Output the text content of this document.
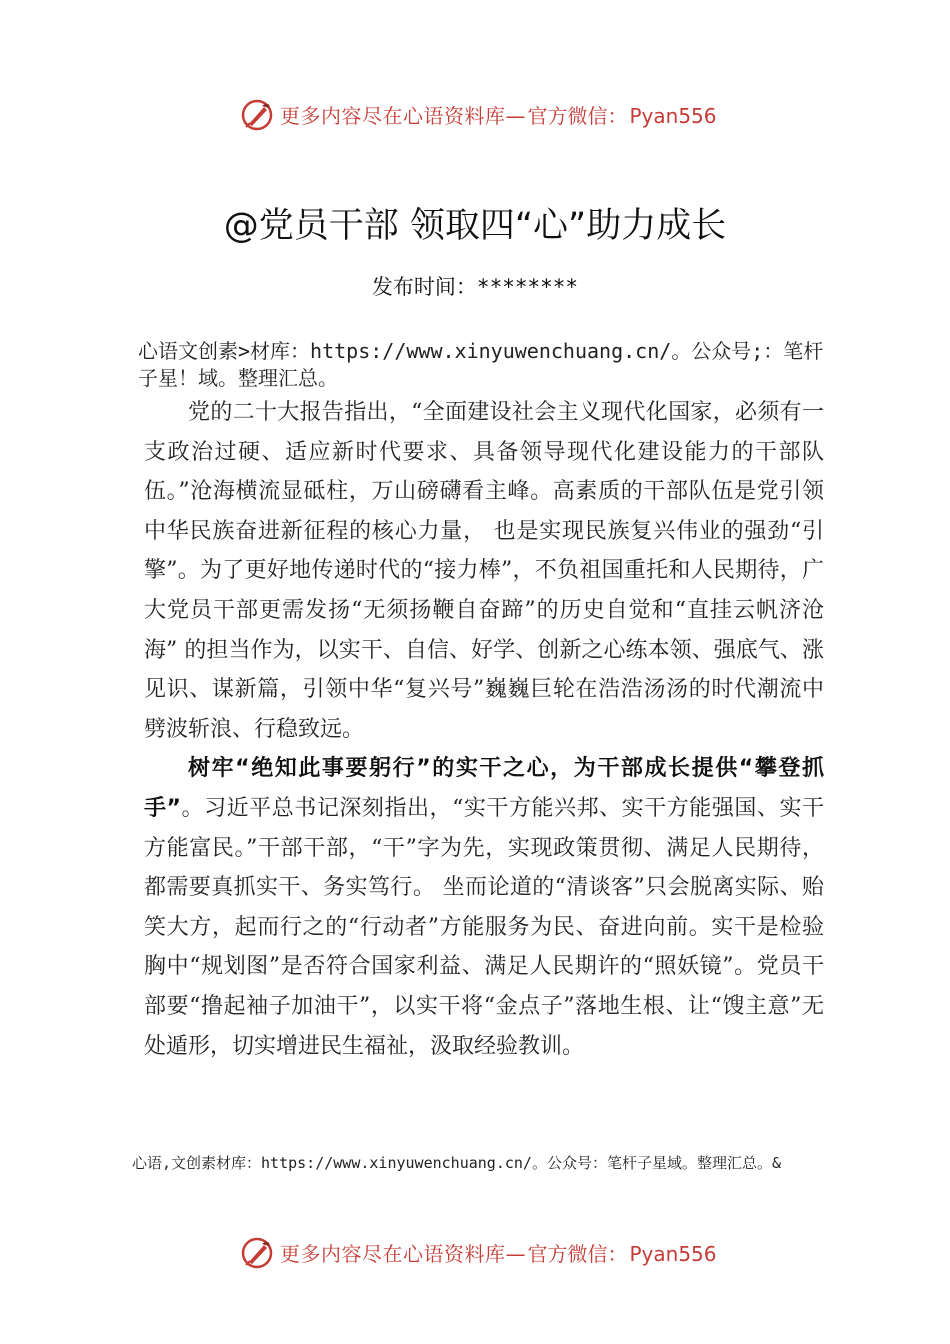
更多内容尽在心语资料库— 官方微信： Pyan556
@党员干部 领取四“心”助力成长
发布时间：********
心语文创素>材库：https://www.xinyuwenchuang.cn/。公众号;：笔杆子星！域。整理汇总。

党的二十大报告指出，“全面建设社会主义现代化国家，必须有一支政治过硬、适应新时代要求、具备领导现代化建设能力的干部队伍。”沧海横流显砥柱，万山磅礴看主峰。高素质的干部队伍是党引领中华民族奋进新征程的核心力量， 也是实现民族复兴伟业的强劲“引擎”。为了更好地传递时代的“接力棒”，不负祖国重托和人民期待，广大党员干部更需发扬“无须扬鞭自奋蹄”的历史自觉和“直挂云帆济沧海” 的担当作为，以实干、自信、好学、创新之心练本领、强底气、涨见识、谋新篇，引领中华“复兴号”巍巍巨轮在浩浩汤汤的时代潮流中劈波斩浪、行稳致远。

树牢“绝知此事要躬行”的实干之心，为干部成长提供“攀登抓手”。习近平总书记深刻指出，“实干方能兴邦、实干方能强国、实干方能富民。”干部干部，“干”字为先，实现政策贯彻、满足人民期待，都需要真抓实干、务实笃行。 坐而论道的“清谈客”只会脱离实际、贻笑大方，起而行之的“行动者”方能服务为民、奋进向前。实干是检验胸中“规划图”是否符合国家利益、满足人民期许的“照妖镜”。党员干部要“撸起袖子加油干”，以实干将“金点子”落地生根、让“馊主意”无处遁形，切实增进民生福祉，汲取经验教训。

心语,文创素材库：https://www.xinyuwenchuang.cn/。公众号：笔杆子星域。整理汇总。&
更多内容尽在心语资料库— 官方微信： Pyan556
